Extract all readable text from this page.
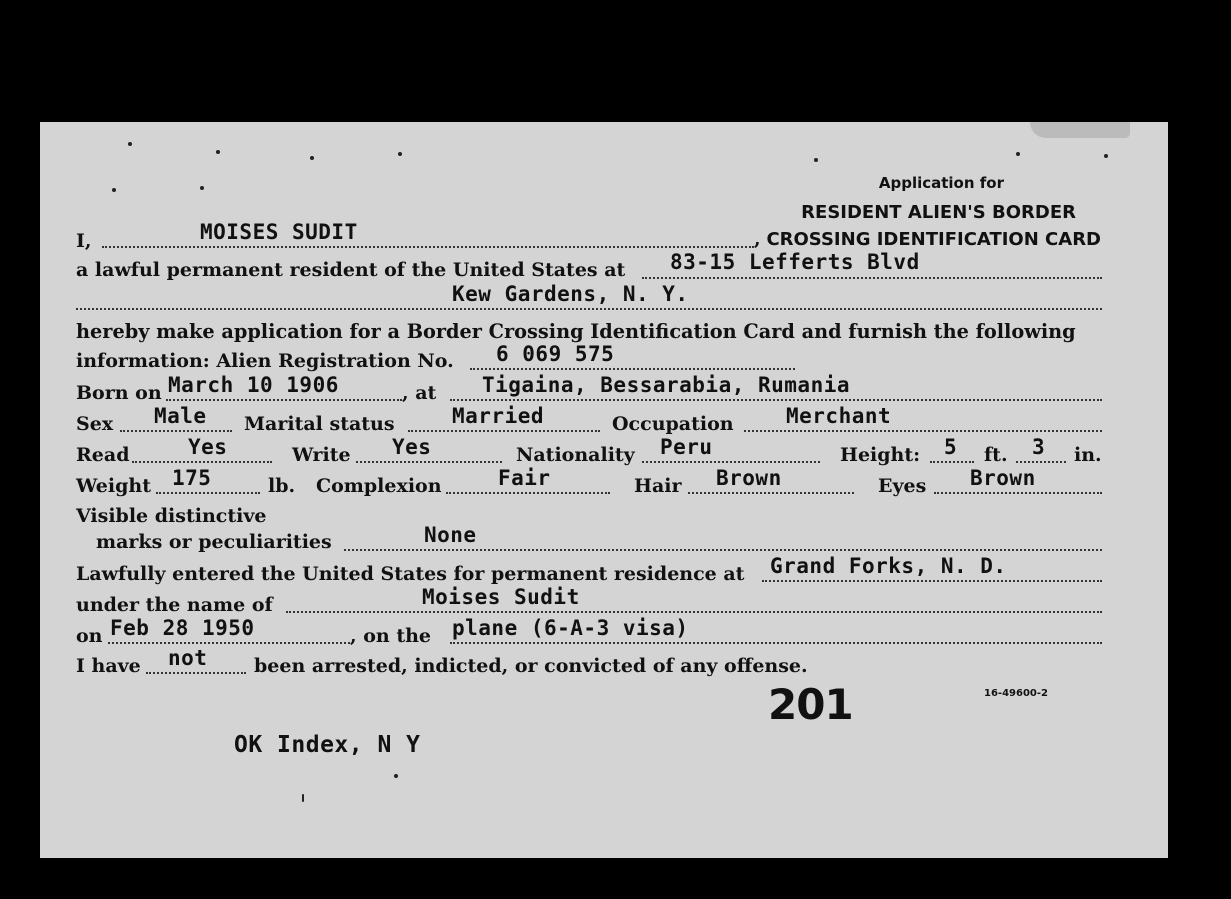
Application for
RESIDENT ALIEN'S BORDER
CROSSING IDENTIFICATION CARD
I,	MOISES SUDIT	,
a lawful permanent resident of the United States at 83-15 Lefferts Blvd
Kew Gardens, N. Y.
hereby make application for a Border Crossing Identification Card and furnish the following
information: Alien Registration No. 6 069 575
Born on March 10 1906	, at Tigaina, Bessarabia, Rumania
Sex Male Marital status	Married	Occupation Merchant
Read	Yes	Write Yes	Nationality Peru	Height: 5 ft. 3 in.
Weight 175	lb. Complexion	Fair	Hair Brown	Eyes Brown
Visible distinctive
marks or peculiarities	None
Lawfully entered the United States for permanent residence at Grand Forks, N. D.
under the name of	Moises Sudit
on Feb 28 1950	, on the plane (6-A-3 visa)
I have not been arrested, indicted, or convicted of any offense.
201	16-49600-2
OK Index, N Y
